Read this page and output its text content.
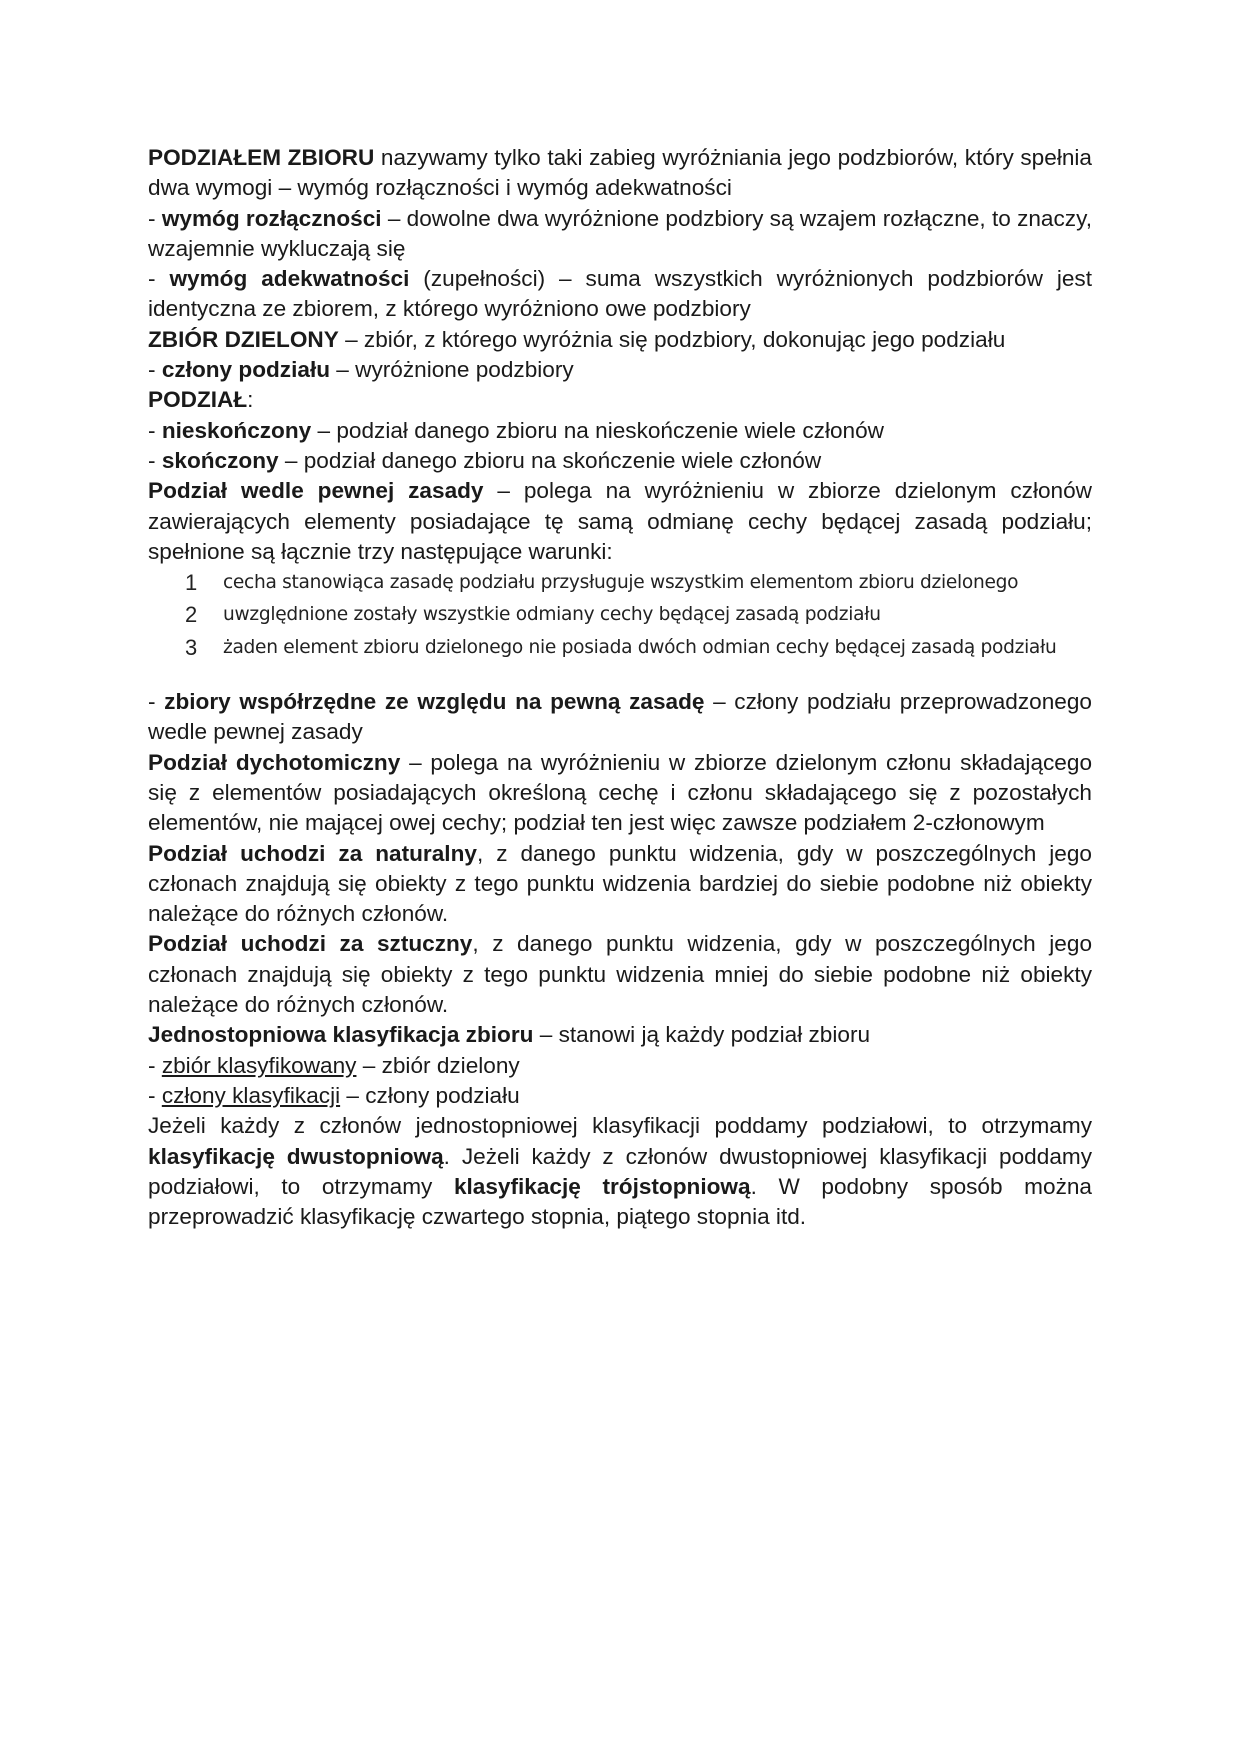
PODZIAŁEM ZBIORU nazywamy tylko taki zabieg wyróżniania jego podzbiorów, który spełnia dwa wymogi – wymóg rozłączności i wymóg adekwatności

- wymóg rozłączności – dowolne dwa wyróżnione podzbiory są wzajem rozłączne, to znaczy, wzajemnie wykluczają się

- wymóg adekwatności (zupełności) – suma wszystkich wyróżnionych podzbiorów jest identyczna ze zbiorem, z którego wyróżniono owe podzbiory

ZBIÓR DZIELONY – zbiór, z którego wyróżnia się podzbiory, dokonując jego podziału

- człony podziału – wyróżnione podzbiory

PODZIAŁ:

- nieskończony – podział danego zbioru na nieskończenie wiele członów

- skończony – podział danego zbioru na skończenie wiele członów

Podział wedle pewnej zasady – polega na wyróżnieniu w zbiorze dzielonym członów zawierających elementy posiadające tę samą odmianę cechy będącej zasadą podziału; spełnione są łącznie trzy następujące warunki:

1 cecha stanowiąca zasadę podziału przysługuje wszystkim elementom zbioru dzielonego
2 uwzględnione zostały wszystkie odmiany cechy będącej zasadą podziału
3 żaden element zbioru dzielonego nie posiada dwóch odmian cechy będącej zasadą podziału

- zbiory współrzędne ze względu na pewną zasadę – człony podziału przeprowadzonego wedle pewnej zasady

Podział dychotomiczny – polega na wyróżnieniu w zbiorze dzielonym członu składającego się z elementów posiadających określoną cechę i członu składającego się z pozostałych elementów, nie mającej owej cechy; podział ten jest więc zawsze podziałem 2-członowym

Podział uchodzi za naturalny, z danego punktu widzenia, gdy w poszczególnych jego członach znajdują się obiekty z tego punktu widzenia bardziej do siebie podobne niż obiekty należące do różnych członów.

Podział uchodzi za sztuczny, z danego punktu widzenia, gdy w poszczególnych jego członach znajdują się obiekty z tego punktu widzenia mniej do siebie podobne niż obiekty należące do różnych członów.

Jednostopniowa klasyfikacja zbioru – stanowi ją każdy podział zbioru

- zbiór klasyfikowany – zbiór dzielony

- człony klasyfikacji – człony podziału

Jeżeli każdy z członów jednostopniowej klasyfikacji poddamy podziałowi, to otrzymamy klasyfikację dwustopniową. Jeżeli każdy z członów dwustopniowej klasyfikacji poddamy podziałowi, to otrzymamy klasyfikację trójstopniową. W podobny sposób można przeprowadzić klasyfikację czwartego stopnia, piątego stopnia itd.
